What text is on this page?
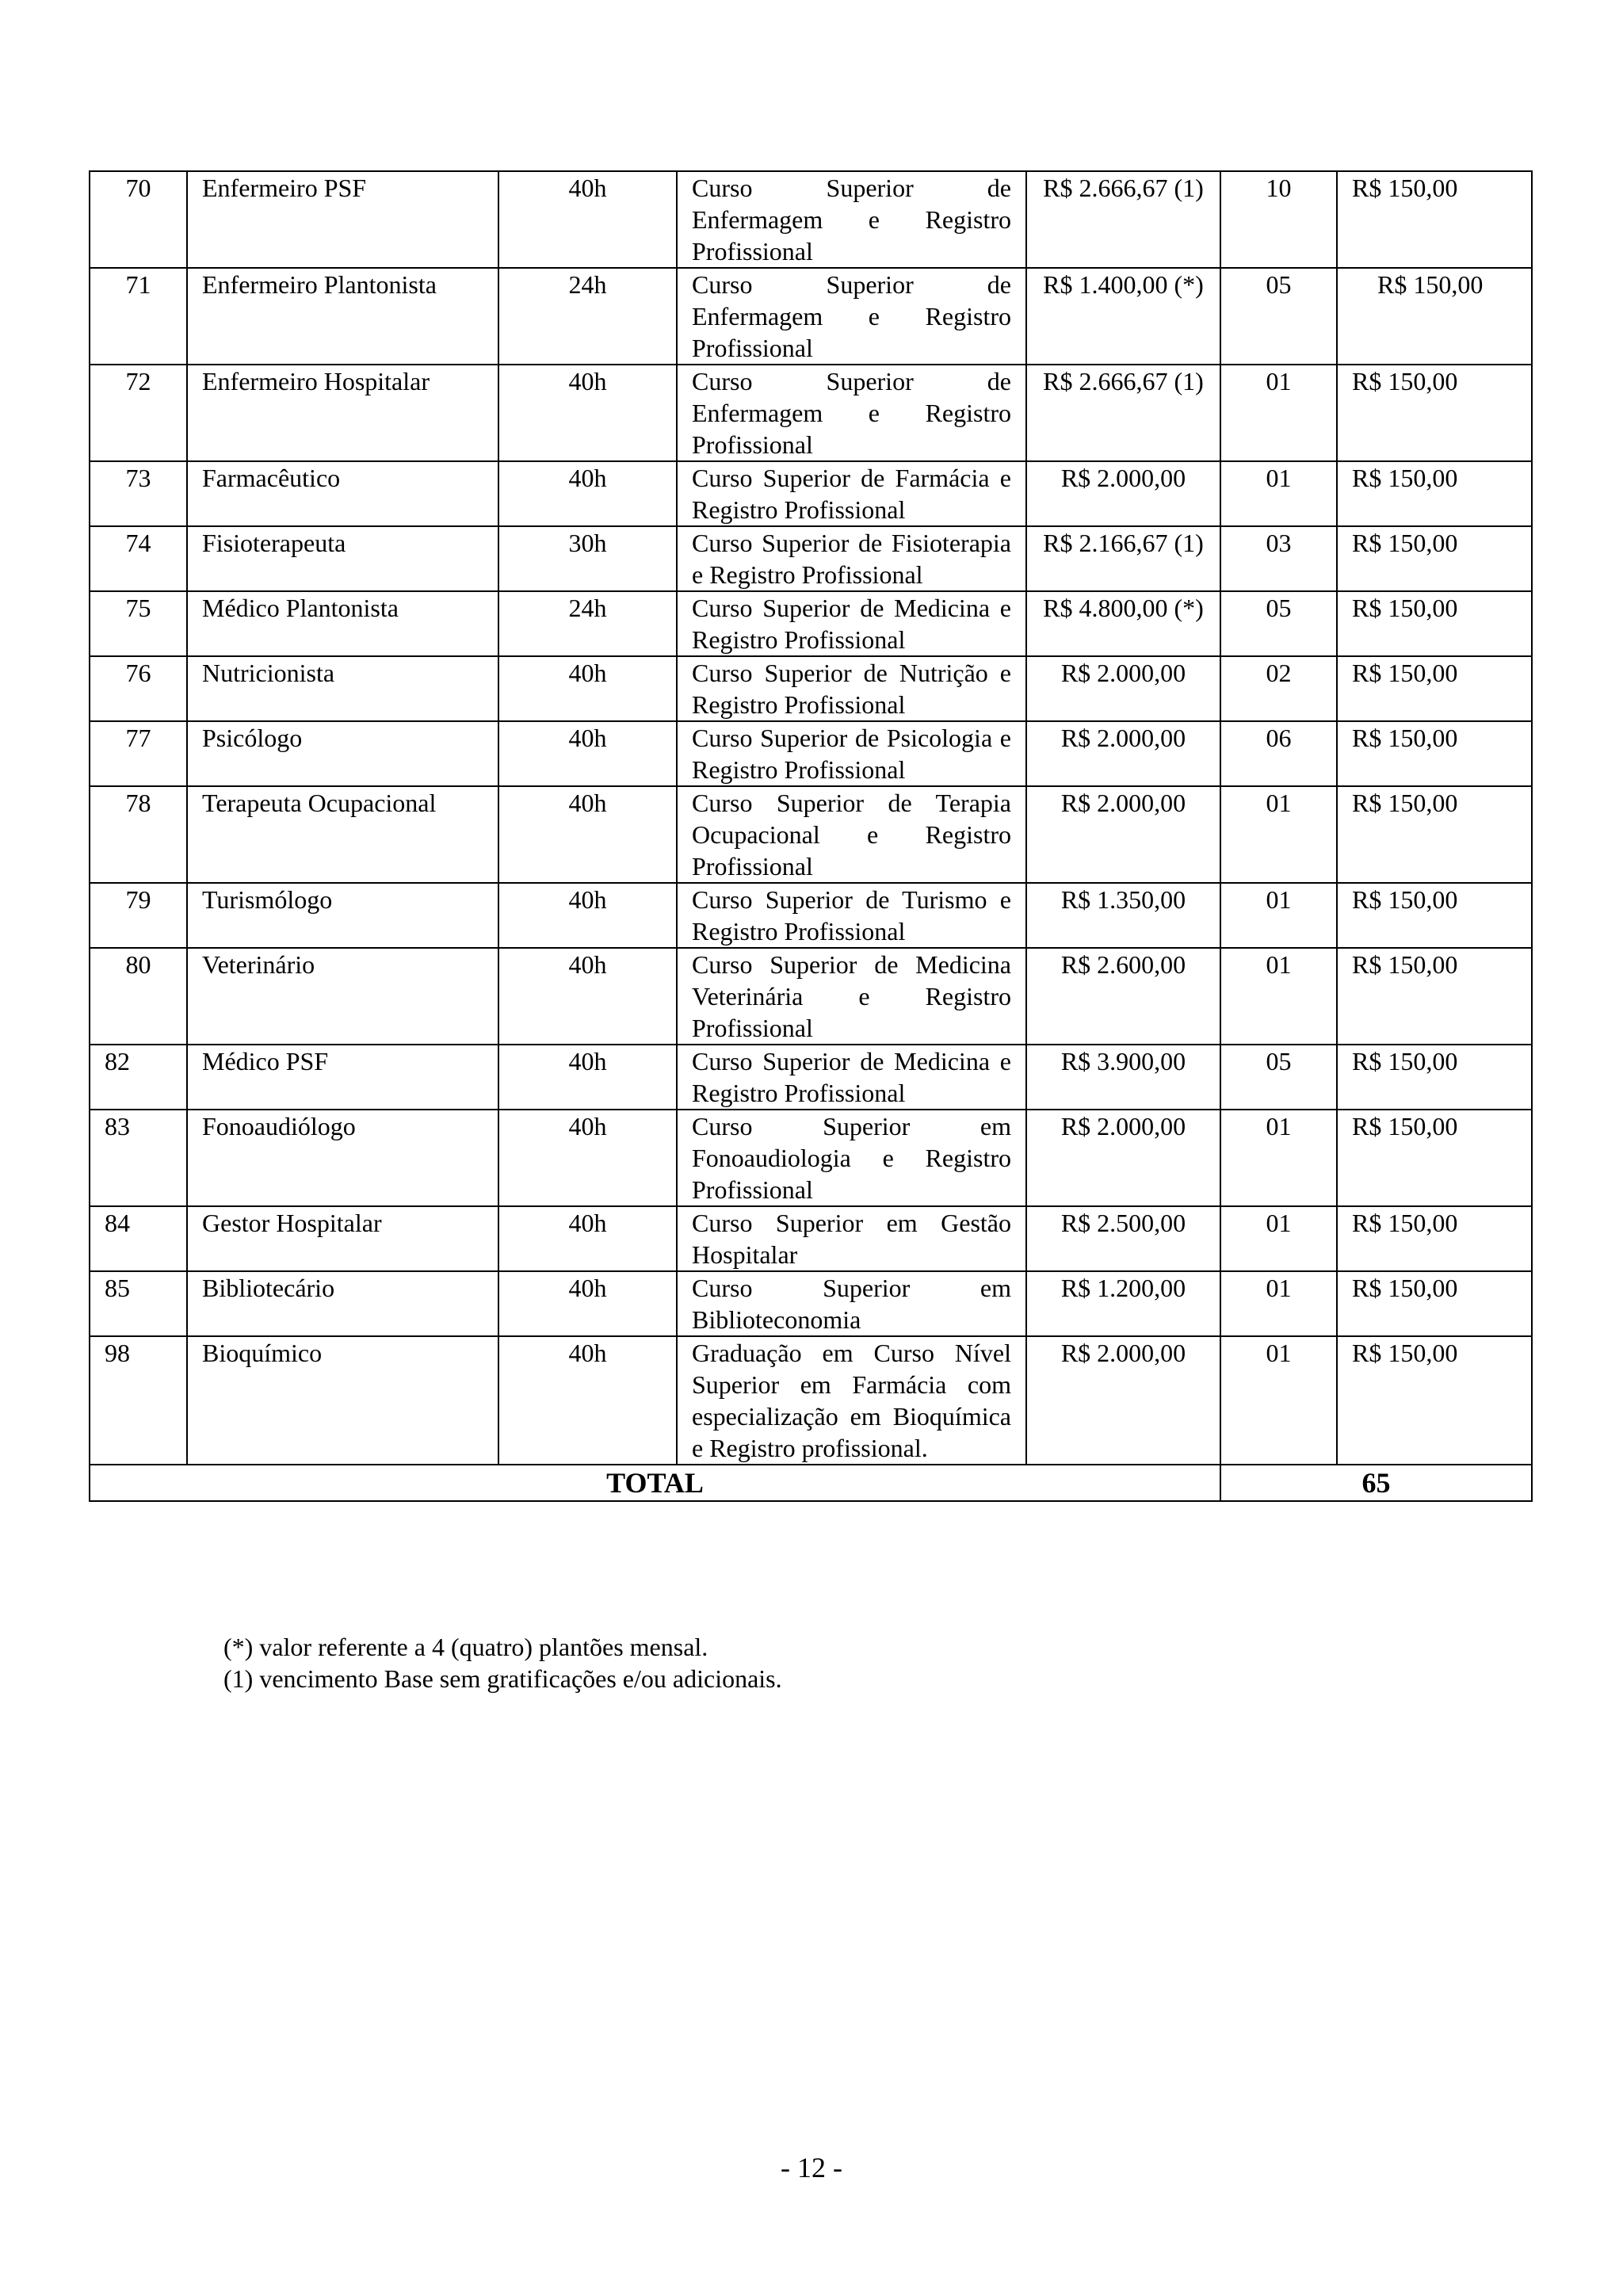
70	Enfermeiro PSF	40h	Curso Superior de Enfermagem e Registro Profissional	R$ 2.666,67 (1)	10	R$ 150,00
71	Enfermeiro Plantonista	24h	Curso Superior de Enfermagem e Registro Profissional	R$ 1.400,00 (*)	05	R$ 150,00
72	Enfermeiro Hospitalar	40h	Curso Superior de Enfermagem e Registro Profissional	R$ 2.666,67 (1)	01	R$ 150,00
73	Farmacêutico	40h	Curso Superior de Farmácia e Registro Profissional	R$ 2.000,00	01	R$ 150,00
74	Fisioterapeuta	30h	Curso Superior de Fisioterapia e Registro Profissional	R$ 2.166,67 (1)	03	R$ 150,00
75	Médico Plantonista	24h	Curso Superior de Medicina e Registro Profissional	R$ 4.800,00 (*)	05	R$ 150,00
76	Nutricionista	40h	Curso Superior de Nutrição e Registro Profissional	R$ 2.000,00	02	R$ 150,00
77	Psicólogo	40h	Curso Superior de Psicologia e Registro Profissional	R$ 2.000,00	06	R$ 150,00
78	Terapeuta Ocupacional	40h	Curso Superior de Terapia Ocupacional e Registro Profissional	R$ 2.000,00	01	R$ 150,00
79	Turismólogo	40h	Curso Superior de Turismo e Registro Profissional	R$ 1.350,00	01	R$ 150,00
80	Veterinário	40h	Curso Superior de Medicina Veterinária e Registro Profissional	R$ 2.600,00	01	R$ 150,00
82	Médico PSF	40h	Curso Superior de Medicina e Registro Profissional	R$ 3.900,00	05	R$ 150,00
83	Fonoaudiólogo	40h	Curso Superior em Fonoaudiologia e Registro Profissional	R$ 2.000,00	01	R$ 150,00
84	Gestor Hospitalar	40h	Curso Superior em Gestão Hospitalar	R$ 2.500,00	01	R$ 150,00
85	Bibliotecário	40h	Curso Superior em Biblioteconomia	R$ 1.200,00	01	R$ 150,00
98	Bioquímico	40h	Graduação em Curso Nível Superior em Farmácia com especialização em Bioquímica e Registro profissional.	R$ 2.000,00	01	R$ 150,00
TOTAL					65	
(*) valor referente a 4 (quatro) plantões mensal.
(1) vencimento Base sem gratificações e/ou adicionais.
- 12 -
